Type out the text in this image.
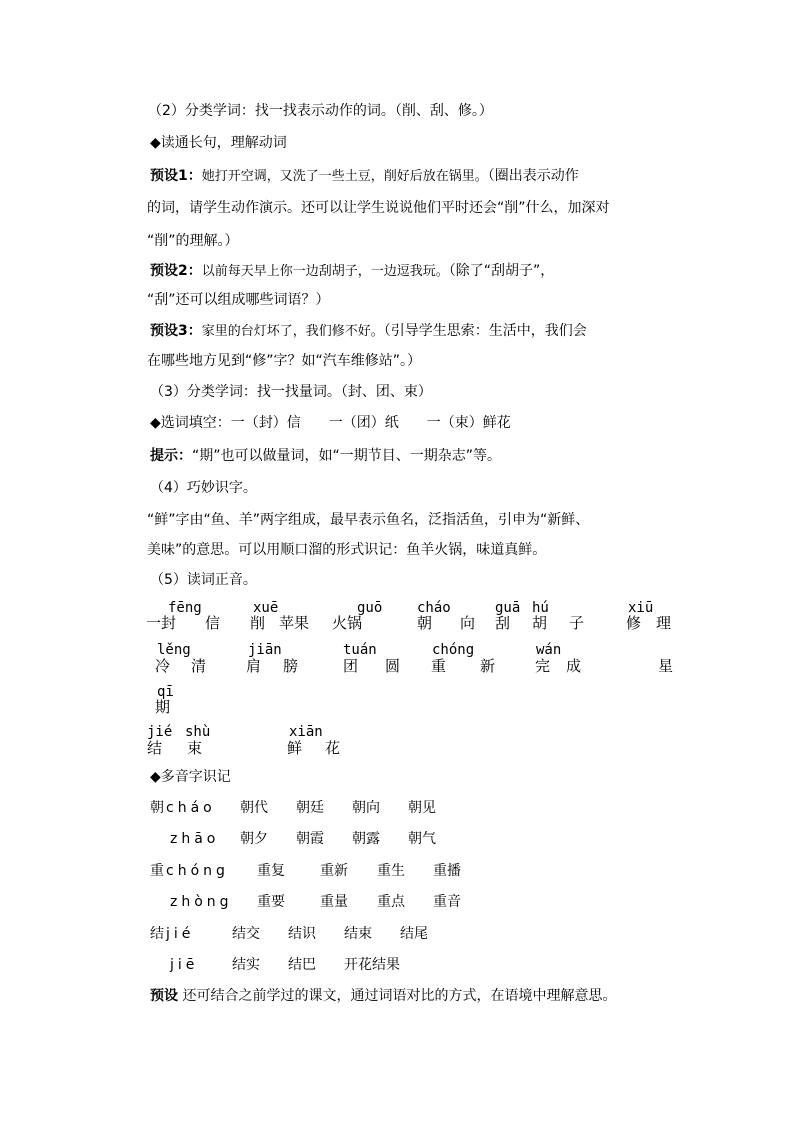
（2）分类学词：找一找表示动作的词。（削、刮、修。）
◆读通长句，理解动词
预设1：她打开空调，又洗了一些土豆，削好后放在锅里。（圈出表示动作
的词，请学生动作演示。还可以让学生说说他们平时还会“削”什么，加深对
“削”的理解。）
预设2：以前每天早上你一边刮胡子，一边逗我玩。（除了“刮胡子”，
“刮”还可以组成哪些词语？）
预设3：家里的台灯坏了，我们修不好。（引导学生思索：生活中，我们会
在哪些地方见到“修”字？如“汽车维修站”。）
（3）分类学词：找一找量词。（封、团、束）
◆选词填空：一（封）信　　一（团）纸　　一（束）鲜花
提示：“期”也可以做量词，如“一期节目、一期杂志”等。
（4）巧妙识字。
“鲜”字由“鱼、羊”两字组成，最早表示鱼名，泛指活鱼，引申为“新鲜、
美味”的意思。可以用顺口溜的形式识记：鱼羊火锅，味道真鲜。
（5）读词正音。
fēng	xuē	guō cháo	guā hú	xiū
一封 信 削 苹果 火锅	朝 向 刮 胡 子	修 理
lěng	jiān	tuán	chóng	wán
冷 清	肩 膀	团 圆 重 新	完 成	星
qī
期
jié shù	xiān
结 束	鲜 花
◆多音字识记
朝 cháo 朝代 朝廷 朝向 朝见
zhāo 朝夕 朝霞 朝露 朝气
重 chóng 重复	重新 重生 重播
zhòng 重要	重量 重点 重音
结 jié	结交 结识 结束 结尾
jiē 结实 结巴 开花结果
预设 还可结合之前学过的课文，通过词语对比的方式，在语境中理解意思。
